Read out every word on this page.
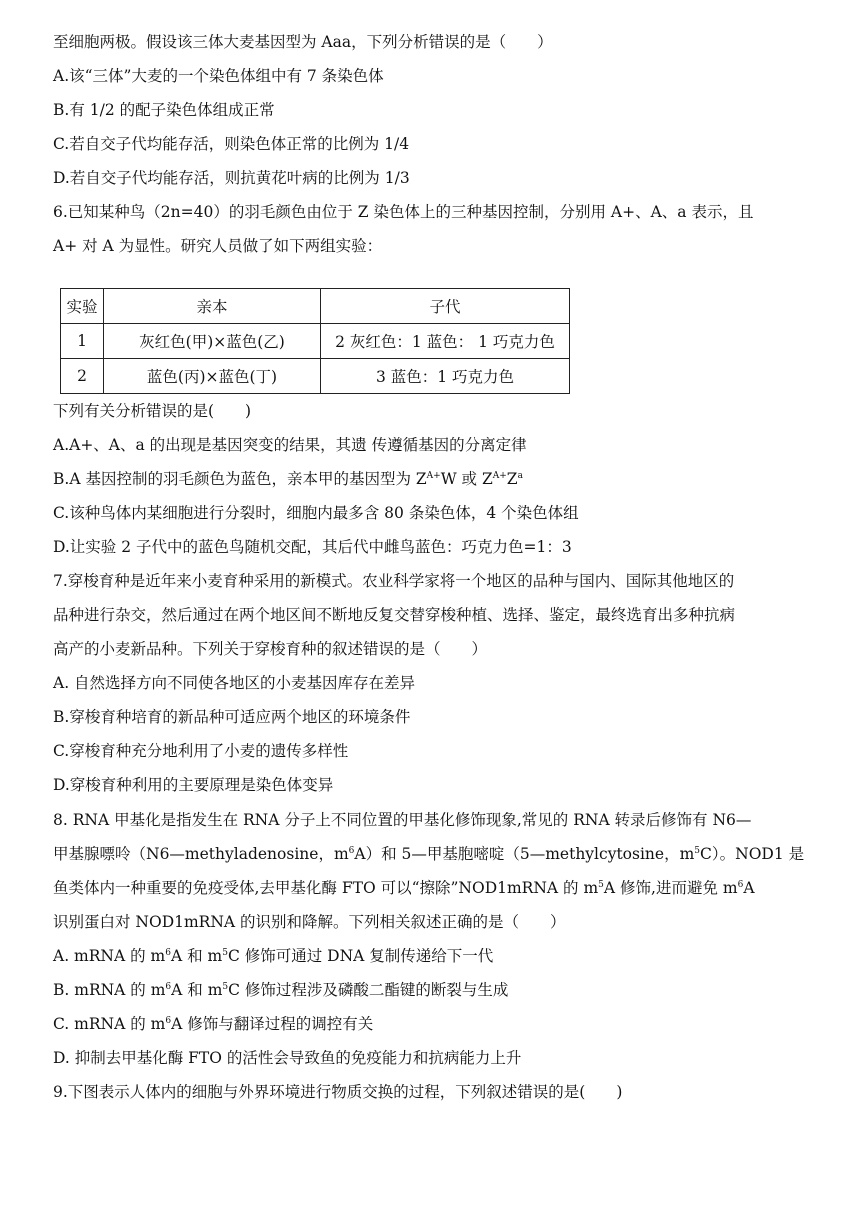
至细胞两极。假设该三体大麦基因型为 Aaa，下列分析错误的是（　　）
A.该“三体”大麦的一个染色体组中有 7 条染色体
B.有 1/2 的配子染色体组成正常
C.若自交子代均能存活，则染色体正常的比例为 1/4
D.若自交子代均能存活，则抗黄花叶病的比例为 1/3
6.已知某种鸟（2n=40）的羽毛颜色由位于 Z 染色体上的三种基因控制，分别用 A+、A、a 表示，且
A+ 对 A 为显性。研究人员做了如下两组实验：
实验	亲本	子代
1	灰红色(甲)×蓝色(乙)	2 灰红色：1 蓝色： 1 巧克力色
2	蓝色(丙)×蓝色(丁)	3 蓝色：1 巧克力色
下列有关分析错误的是(　　)
A.A+、A、a 的出现是基因突变的结果，其遗 传遵循基因的分离定律
B.A 基因控制的羽毛颜色为蓝色，亲本甲的基因型为 $Z^{A+}W$ 或 $Z^{A+}Z^a$
C.该种鸟体内某细胞进行分裂时，细胞内最多含 80 条染色体，4 个染色体组
D.让实验 2 子代中的蓝色鸟随机交配，其后代中雌鸟蓝色：巧克力色=1：3
7.穿梭育种是近年来小麦育种采用的新模式。农业科学家将一个地区的品种与国内、国际其他地区的
品种进行杂交，然后通过在两个地区间不断地反复交替穿梭种植、选择、鉴定，最终选育出多种抗病
高产的小麦新品种。下列关于穿梭育种的叙述错误的是（　　）
A. 自然选择方向不同使各地区的小麦基因库存在差异
B.穿梭育种培育的新品种可适应两个地区的环境条件
C.穿梭育种充分地利用了小麦的遗传多样性
D.穿梭育种利用的主要原理是染色体变异
8. RNA 甲基化是指发生在 RNA 分子上不同位置的甲基化修饰现象,常见的 RNA 转录后修饰有 N6—
甲基腺嘌呤（N6—methyladenosine，$m^6A$）和 5—甲基胞嘧啶（5—methylcytosine，$m^5C$）。NOD1 是
鱼类体内一种重要的免疫受体,去甲基化酶 FTO 可以“擦除”NOD1mRNA 的 $m^5A$ 修饰,进而避免 $m^6A$
识别蛋白对 NOD1mRNA 的识别和降解。下列相关叙述正确的是（　　）
A. mRNA 的 $m^6A$ 和 $m^5C$ 修饰可通过 DNA 复制传递给下一代
B. mRNA 的 $m^6A$ 和 $m^5C$ 修饰过程涉及磷酸二酯键的断裂与生成
C. mRNA 的 $m^6A$ 修饰与翻译过程的调控有关
D. 抑制去甲基化酶 FTO 的活性会导致鱼的免疫能力和抗病能力上升
9.下图表示人体内的细胞与外界环境进行物质交换的过程，下列叙述错误的是(　　)
